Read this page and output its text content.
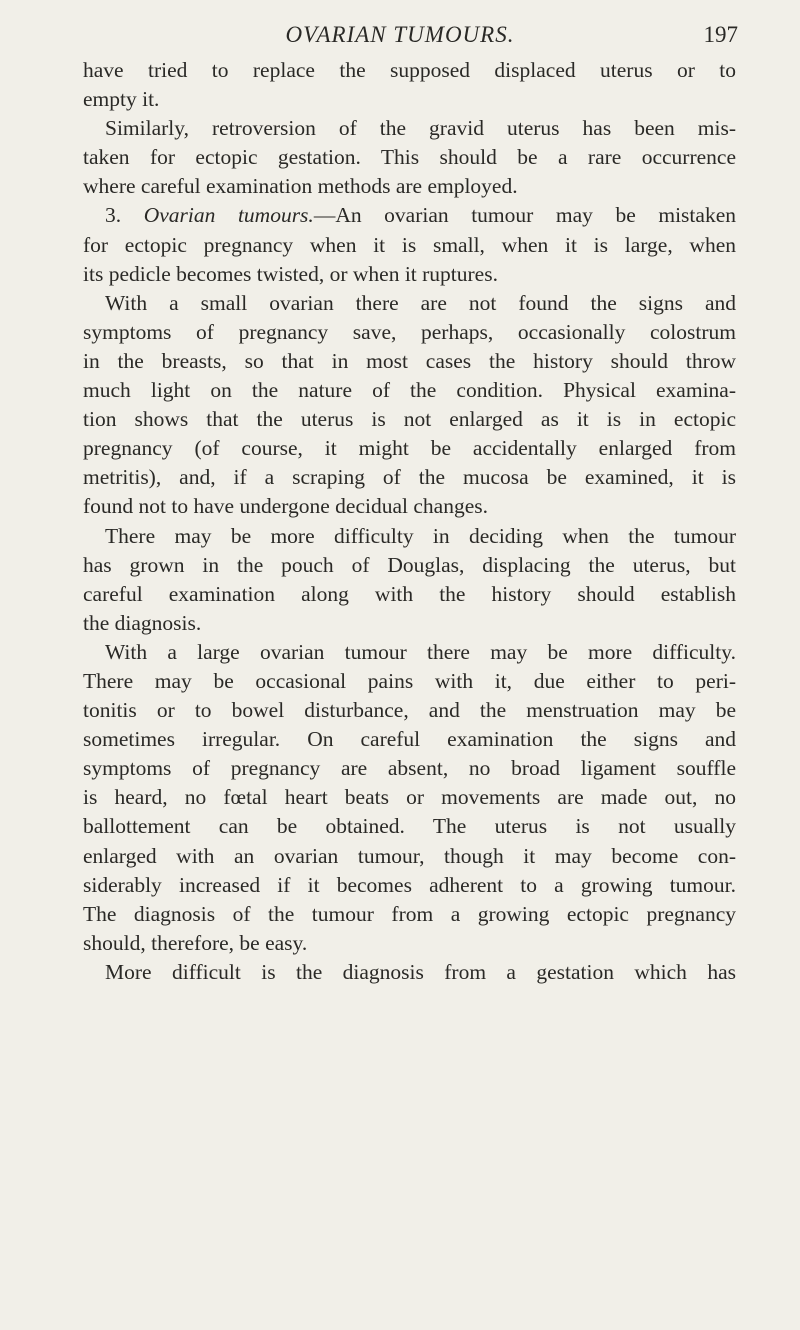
OVARIAN TUMOURS.	197
have tried to replace the supposed displaced uterus or to
empty it.
Similarly, retroversion of the gravid uterus has been mis-
taken for ectopic gestation. This should be a rare occurrence
where careful examination methods are employed.
3. Ovarian tumours.—An ovarian tumour may be mistaken
for ectopic pregnancy when it is small, when it is large, when
its pedicle becomes twisted, or when it ruptures.
With a small ovarian there are not found the signs and
symptoms of pregnancy save, perhaps, occasionally colostrum
in the breasts, so that in most cases the history should throw
much light on the nature of the condition. Physical examina-
tion shows that the uterus is not enlarged as it is in ectopic
pregnancy (of course, it might be accidentally enlarged from
metritis), and, if a scraping of the mucosa be examined, it is
found not to have undergone decidual changes.
There may be more difficulty in deciding when the tumour
has grown in the pouch of Douglas, displacing the uterus, but
careful examination along with the history should establish
the diagnosis.
With a large ovarian tumour there may be more difficulty.
There may be occasional pains with it, due either to peri-
tonitis or to bowel disturbance, and the menstruation may be
sometimes irregular. On careful examination the signs and
symptoms of pregnancy are absent, no broad ligament souffle
is heard, no fœtal heart beats or movements are made out, no
ballottement can be obtained. The uterus is not usually
enlarged with an ovarian tumour, though it may become con-
siderably increased if it becomes adherent to a growing tumour.
The diagnosis of the tumour from a growing ectopic pregnancy
should, therefore, be easy.
More difficult is the diagnosis from a gestation which has
